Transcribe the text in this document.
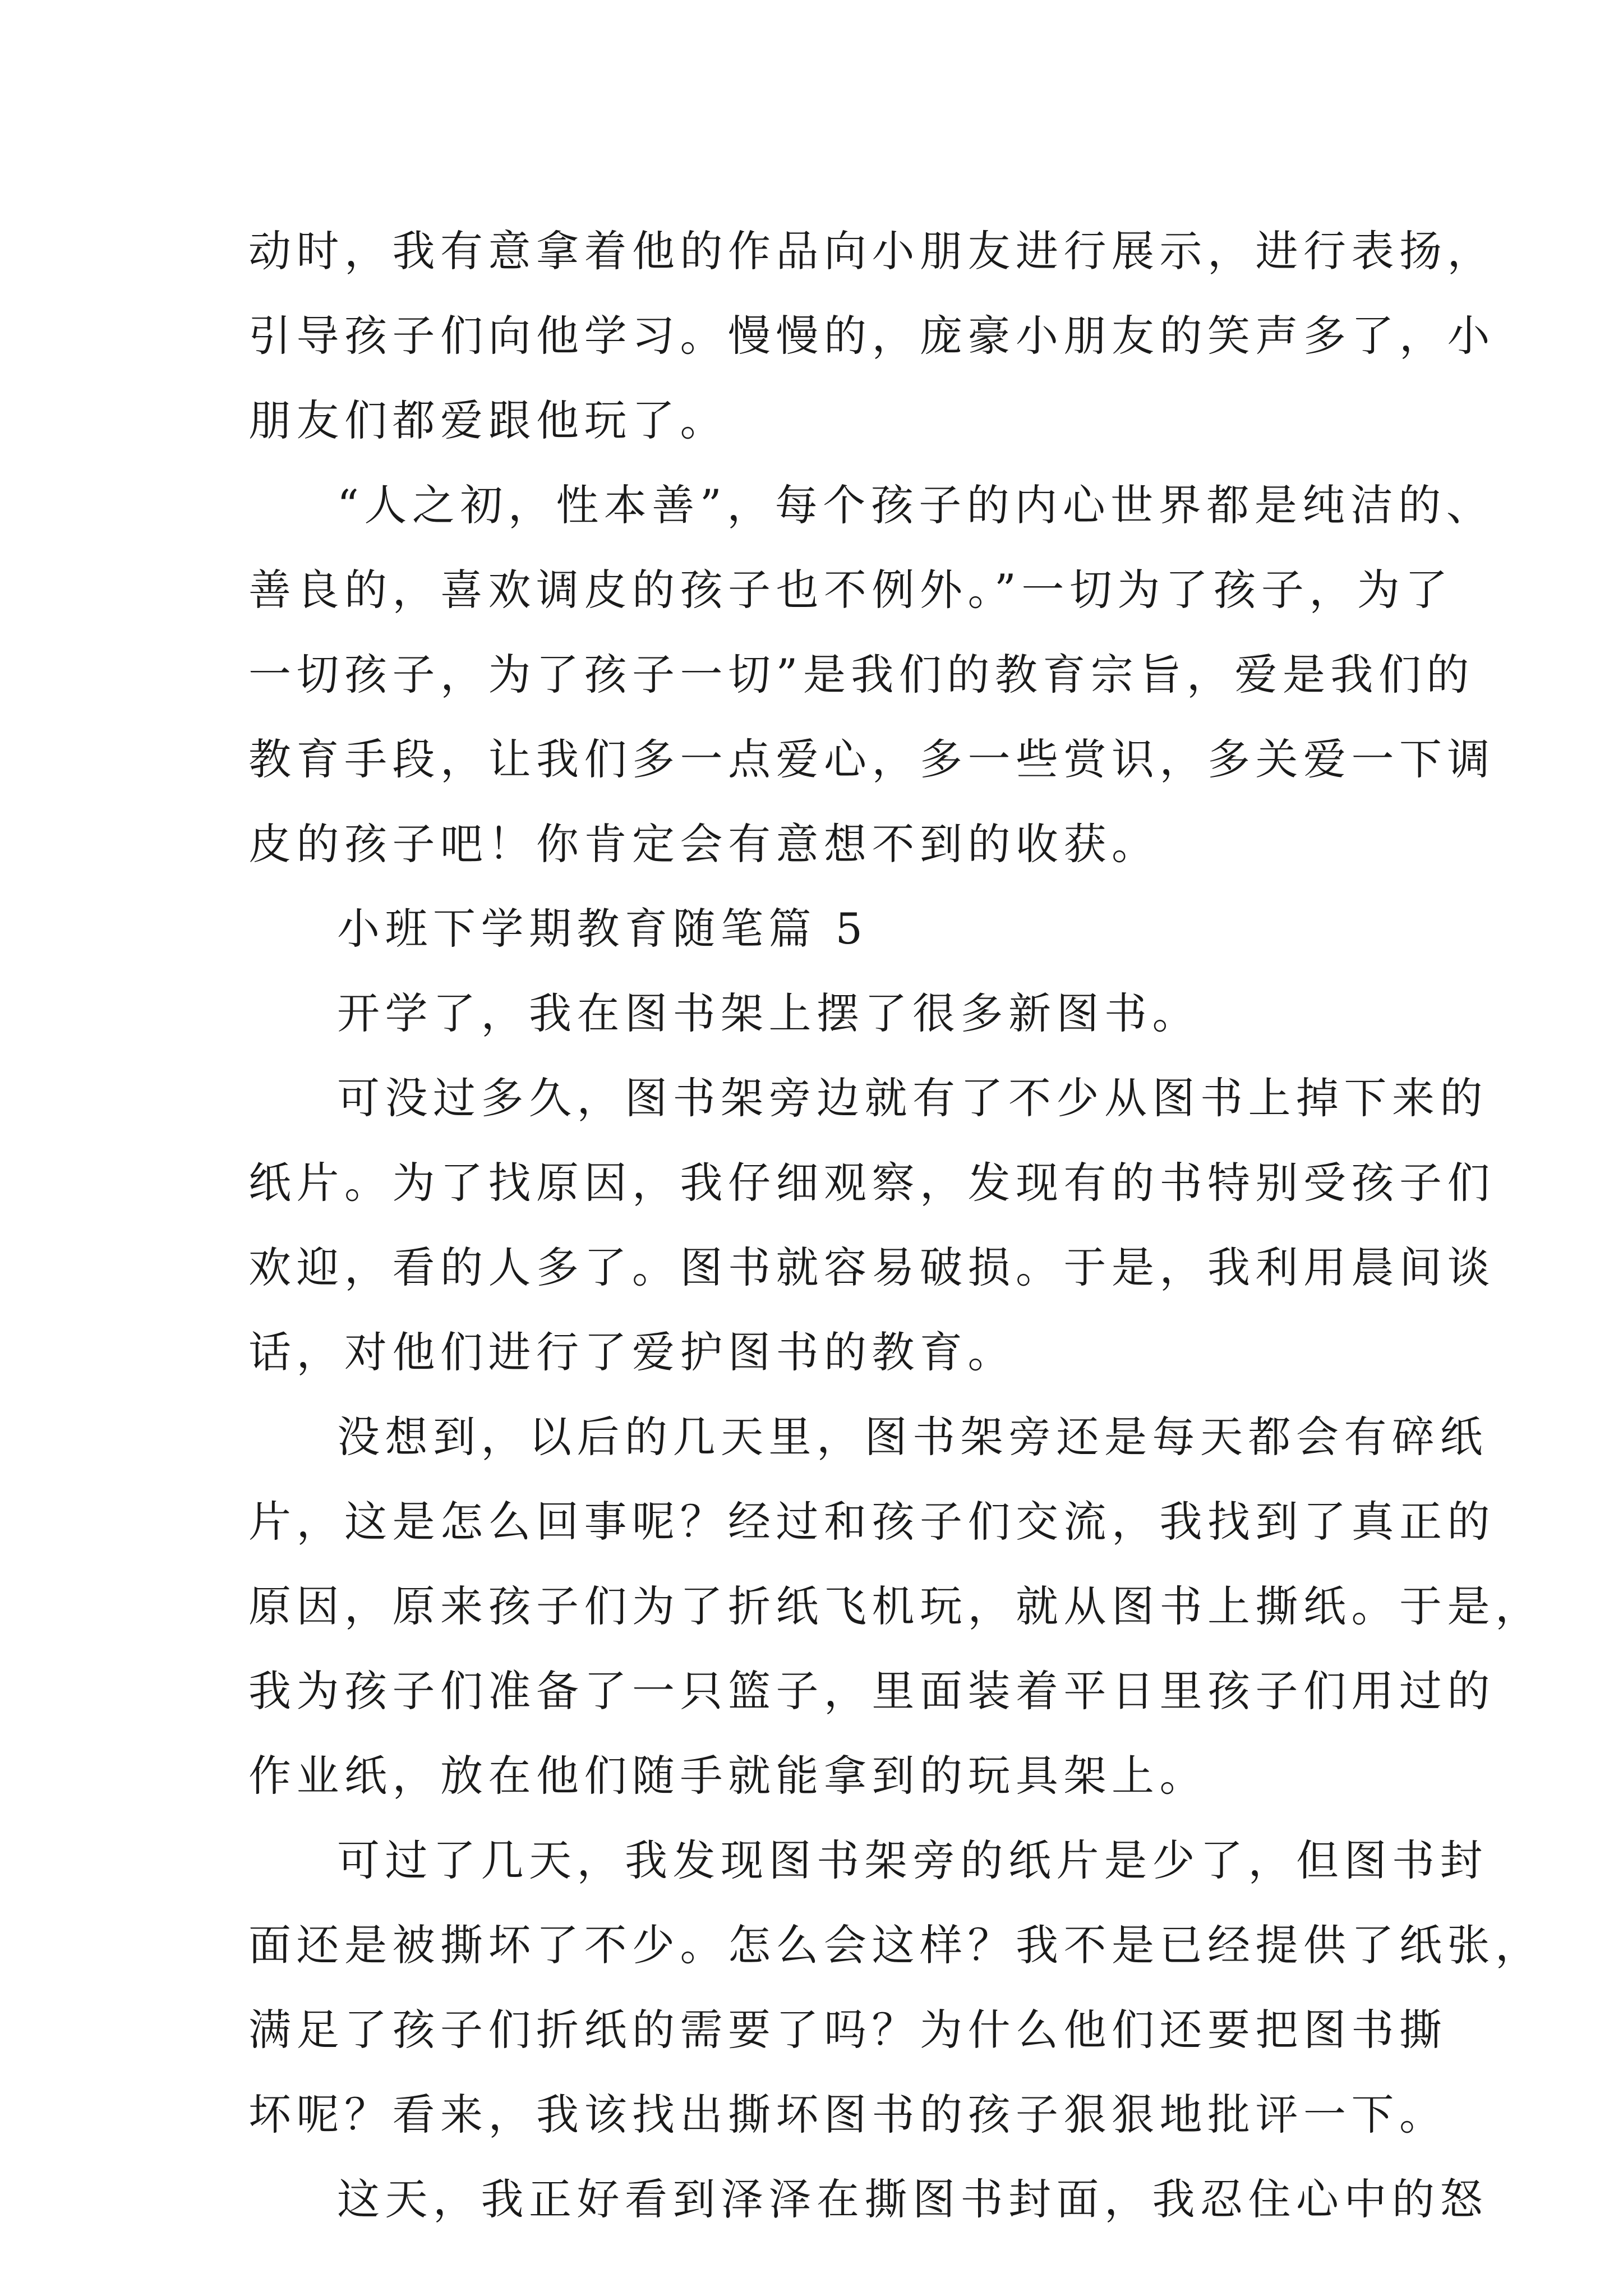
动时，我有意拿着他的作品向小朋友进行展示，进行表扬，
引导孩子们向他学习。慢慢的，庞豪小朋友的笑声多了，小
朋友们都爱跟他玩了。
“人之初，性本善”，每个孩子的内心世界都是纯洁的、
善良的，喜欢调皮的孩子也不例外。”一切为了孩子，为了
一切孩子，为了孩子一切”是我们的教育宗旨，爱是我们的
教育手段，让我们多一点爱心，多一些赏识，多关爱一下调
皮的孩子吧！你肯定会有意想不到的收获。
小班下学期教育随笔篇 5
开学了，我在图书架上摆了很多新图书。
可没过多久，图书架旁边就有了不少从图书上掉下来的
纸片。为了找原因，我仔细观察，发现有的书特别受孩子们
欢迎，看的人多了。图书就容易破损。于是，我利用晨间谈
话，对他们进行了爱护图书的教育。
没想到，以后的几天里，图书架旁还是每天都会有碎纸
片，这是怎么回事呢？经过和孩子们交流，我找到了真正的
原因，原来孩子们为了折纸飞机玩，就从图书上撕纸。于是，
我为孩子们准备了一只篮子，里面装着平日里孩子们用过的
作业纸，放在他们随手就能拿到的玩具架上。
可过了几天，我发现图书架旁的纸片是少了，但图书封
面还是被撕坏了不少。怎么会这样？我不是已经提供了纸张，
满足了孩子们折纸的需要了吗？为什么他们还要把图书撕
坏呢？看来，我该找出撕坏图书的孩子狠狠地批评一下。
这天，我正好看到泽泽在撕图书封面，我忍住心中的怒
